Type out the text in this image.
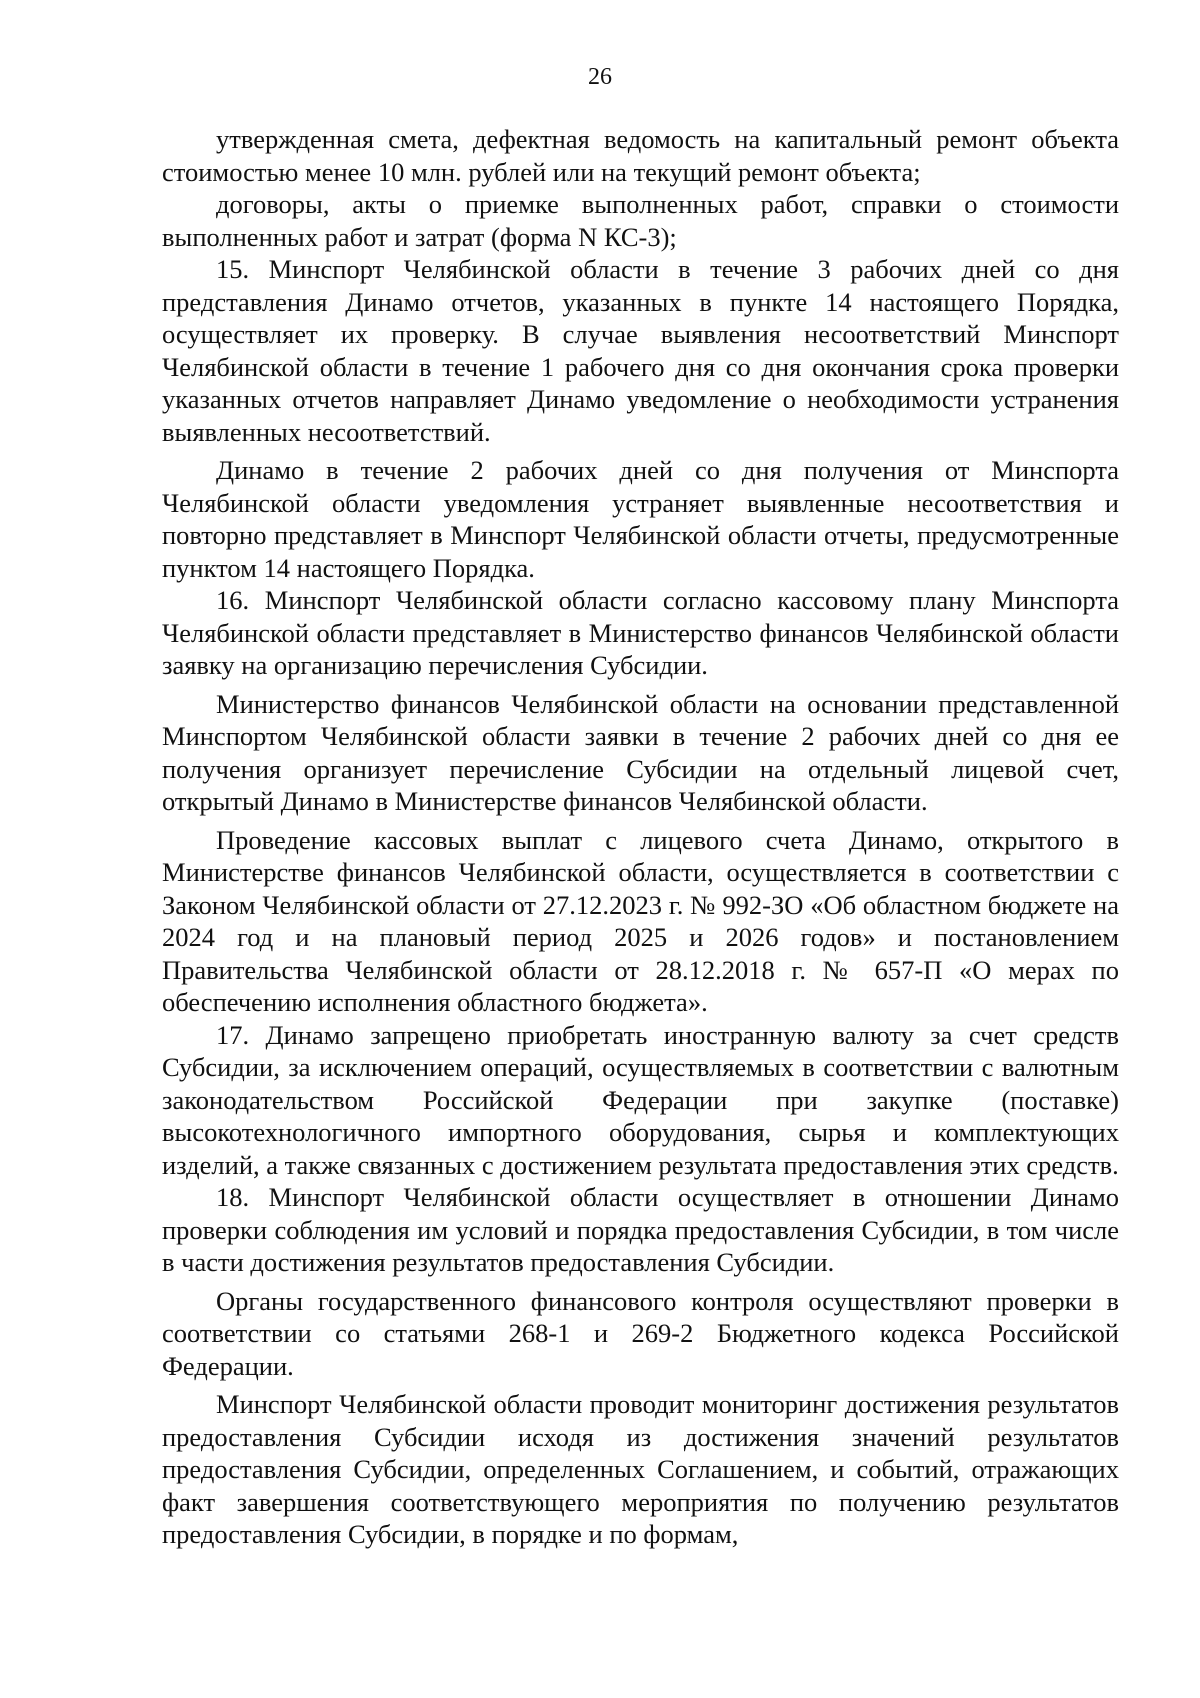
26

утвержденная смета, дефектная ведомость на капитальный ремонт объекта стоимостью менее 10 млн. рублей или на текущий ремонт объекта;

договоры, акты о приемке выполненных работ, справки о стоимости выполненных работ и затрат (форма N КС-3);

15. Минспорт Челябинской области в течение 3 рабочих дней со дня представления Динамо отчетов, указанных в пункте 14 настоящего Порядка, осуществляет их проверку. В случае выявления несоответствий Минспорт Челябинской области в течение 1 рабочего дня со дня окончания срока проверки указанных отчетов направляет Динамо уведомление о необходимости устранения выявленных несоответствий.

Динамо в течение 2 рабочих дней со дня получения от Минспорта Челябинской области уведомления устраняет выявленные несоответствия и повторно представляет в Минспорт Челябинской области отчеты, предусмотренные пунктом 14 настоящего Порядка.

16. Минспорт Челябинской области согласно кассовому плану Минспорта Челябинской области представляет в Министерство финансов Челябинской области заявку на организацию перечисления Субсидии.

Министерство финансов Челябинской области на основании представленной Минспортом Челябинской области заявки в течение 2 рабочих дней со дня ее получения организует перечисление Субсидии на отдельный лицевой счет, открытый Динамо в Министерстве финансов Челябинской области.

Проведение кассовых выплат с лицевого счета Динамо, открытого в Министерстве финансов Челябинской области, осуществляется в соответствии с Законом Челябинской области от 27.12.2023 г. № 992-ЗО «Об областном бюджете на 2024 год и на плановый период 2025 и 2026 годов» и постановлением Правительства Челябинской области от 28.12.2018 г. № 657-П «О мерах по обеспечению исполнения областного бюджета».

17. Динамо запрещено приобретать иностранную валюту за счет средств Субсидии, за исключением операций, осуществляемых в соответствии с валютным законодательством Российской Федерации при закупке (поставке) высокотехнологичного импортного оборудования, сырья и комплектующих изделий, а также связанных с достижением результата предоставления этих средств.

18. Минспорт Челябинской области осуществляет в отношении Динамо проверки соблюдения им условий и порядка предоставления Субсидии, в том числе в части достижения результатов предоставления Субсидии.

Органы государственного финансового контроля осуществляют проверки в соответствии со статьями 268-1 и 269-2 Бюджетного кодекса Российской Федерации.

Минспорт Челябинской области проводит мониторинг достижения результатов предоставления Субсидии исходя из достижения значений результатов предоставления Субсидии, определенных Соглашением, и событий, отражающих факт завершения соответствующего мероприятия по получению результатов предоставления Субсидии, в порядке и по формам,
